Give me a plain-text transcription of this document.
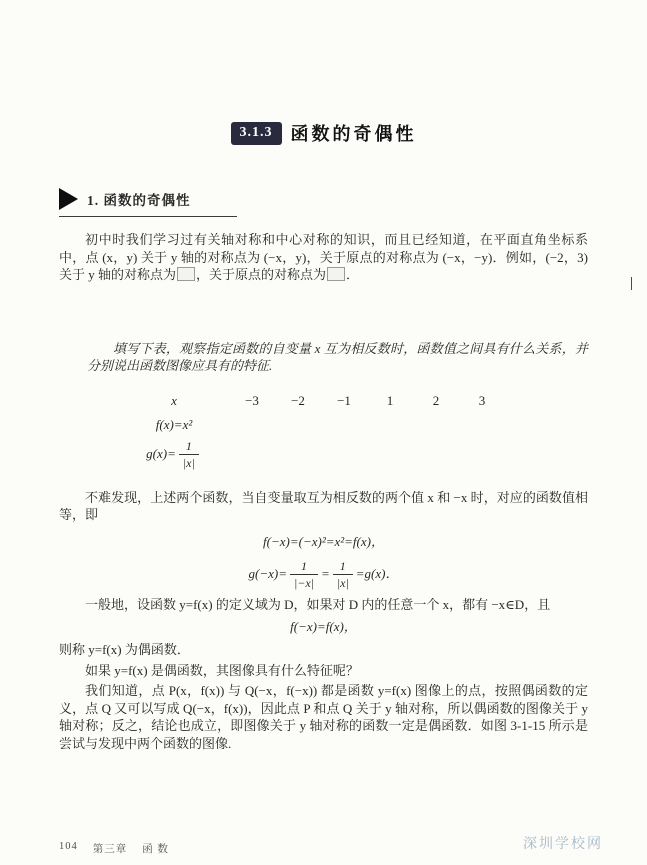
3.1.3 函数的奇偶性
1. 函数的奇偶性

初中时我们学习过有关轴对称和中心对称的知识，而且已经知道，在平面直角坐标系中，点 (x，y) 关于 y 轴的对称点为 (−x，y)，关于原点的对称点为 (−x，−y)．例如，(−2，3) 关于 y 轴的对称点为 ，关于原点的对称点为 ．

填写下表，观察指定函数的自变量 x 互为相反数时，函数值之间具有什么关系，并分别说出函数图像应具有的特征.

x	−3	−2	−1	1	2	3
f(x)=x²						
$g(x)= \frac{1}{|x|}$

不难发现，上述两个函数，当自变量取互为相反数的两个值 x 和 −x 时，对应的函数值相等，即

f(−x)=(−x)²=x²=f(x)，
$g(-x)= \frac{1}{|-x|} = \frac{1}{|x|} =g(x)$．

一般地，设函数 y=f(x) 的定义域为 D，如果对 D 内的任意一个 x，都有 −x∈D，且

f(−x)=f(x)，

则称 y=f(x) 为偶函数．

如果 y=f(x) 是偶函数，其图像具有什么特征呢？

我们知道，点 P(x，f(x)) 与 Q(−x，f(−x)) 都是函数 y=f(x) 图像上的点，按照偶函数的定义，点 Q 又可以写成 Q(−x，f(x))，因此点 P 和点 Q 关于 y 轴对称，所以偶函数的图像关于 y 轴对称；反之，结论也成立，即图像关于 y 轴对称的函数一定是偶函数．如图 3-1-15 所示是尝试与发现中两个函数的图像.

104 第三章 函 数	深圳学校网
